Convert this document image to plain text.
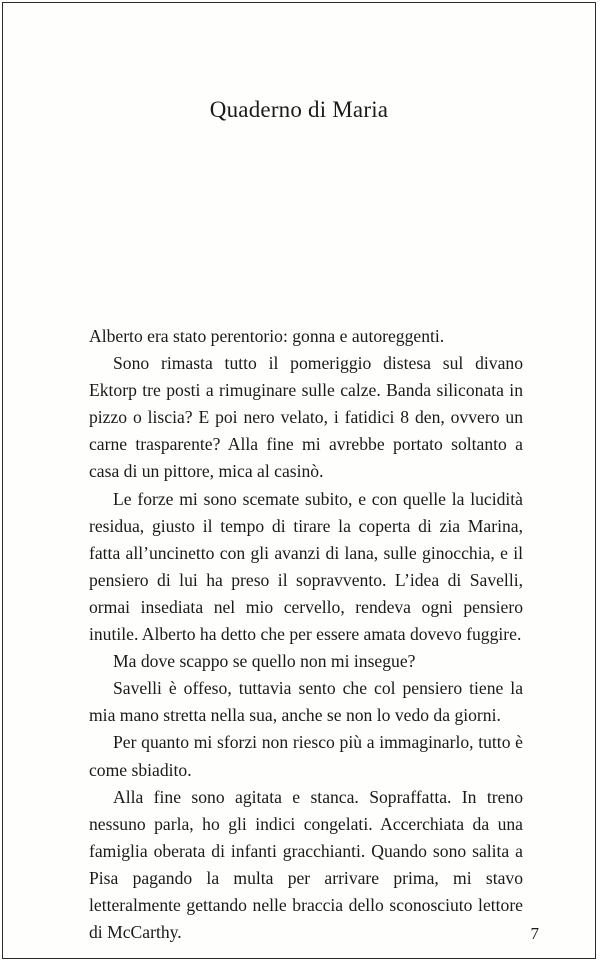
Quaderno di Maria

Alberto era stato perentorio: gonna e autoreggenti.

Sono rimasta tutto il pomeriggio distesa sul divano Ektorp tre posti a rimuginare sulle calze. Banda siliconata in pizzo o liscia? E poi nero velato, i fatidici 8 den, ovvero un carne trasparente? Alla fine mi avrebbe portato soltanto a casa di un pittore, mica al casinò.

Le forze mi sono scemate subito, e con quelle la lucidità residua, giusto il tempo di tirare la coperta di zia Marina, fatta all’uncinetto con gli avanzi di lana, sulle ginocchia, e il pensiero di lui ha preso il sopravvento. L’idea di Savelli, ormai insediata nel mio cervello, rendeva ogni pensiero inutile. Alberto ha detto che per essere amata dovevo fuggire.

Ma dove scappo se quello non mi insegue?

Savelli è offeso, tuttavia sento che col pensiero tiene la mia mano stretta nella sua, anche se non lo vedo da giorni.

Per quanto mi sforzi non riesco più a immaginarlo, tutto è come sbiadito.

Alla fine sono agitata e stanca. Sopraffatta. In treno nessuno parla, ho gli indici congelati. Accerchiata da una famiglia oberata di infanti gracchianti. Quando sono salita a Pisa pagando la multa per arrivare prima, mi stavo letteralmente gettando nelle braccia dello sconosciuto lettore di McCarthy.	7
